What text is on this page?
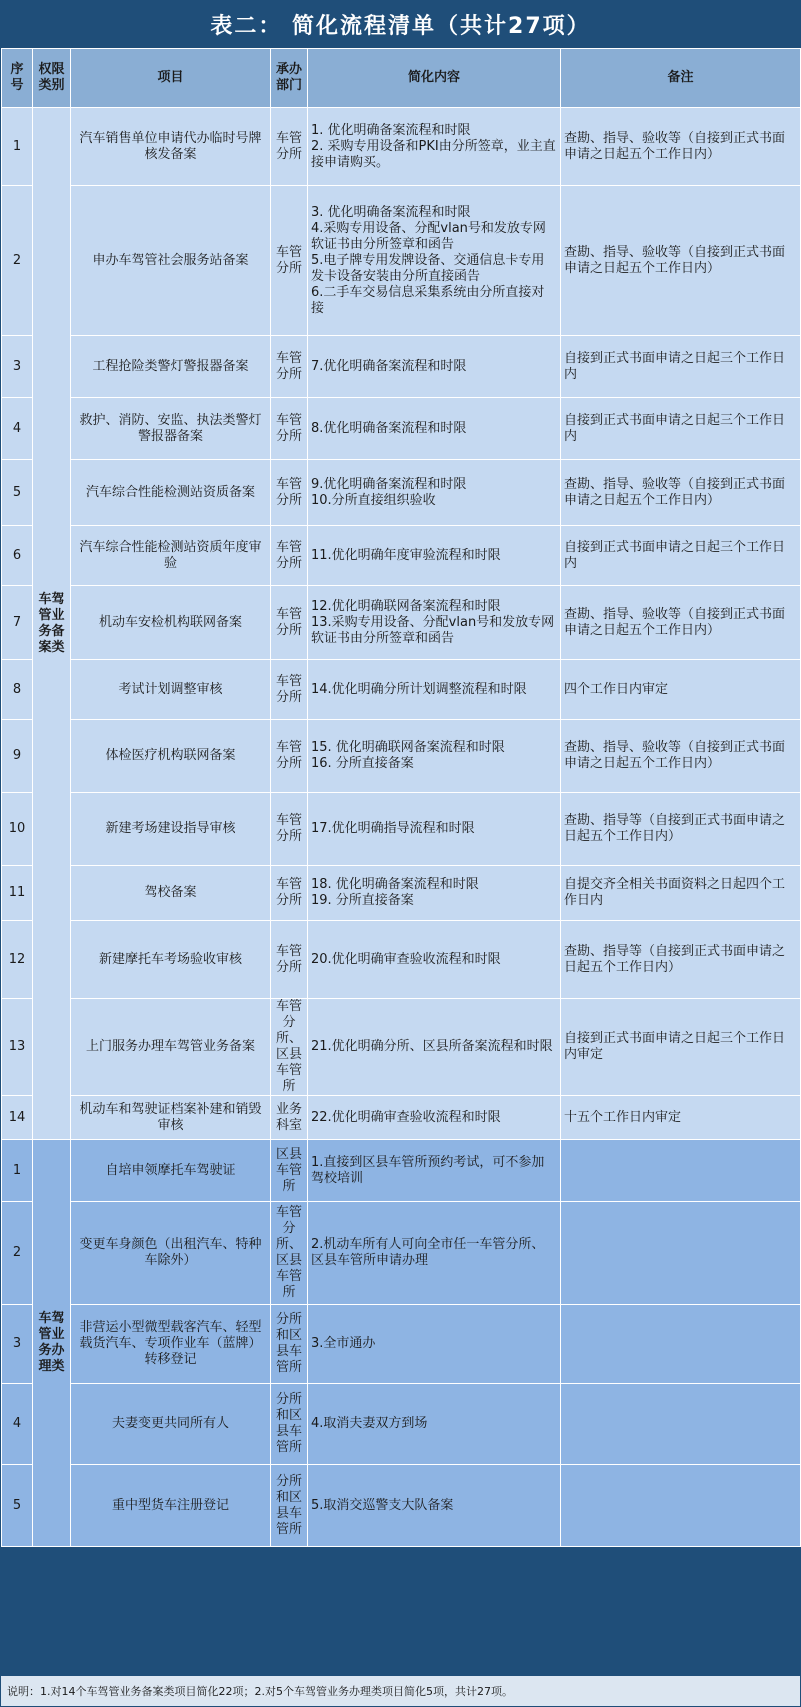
表二： 简化流程清单（共计27项）
序号	权限类别	项目	承办部门	简化内容	备注
1	车驾管业务备案类	汽车销售单位申请代办临时号牌核发备案	车管分所	1. 优化明确备案流程和时限
2. 采购专用设备和PKI由分所签章，业主直接申请购买。	查勘、指导、验收等（自接到正式书面申请之日起五个工作日内）
2		申办车驾管社会服务站备案	车管分所	3. 优化明确备案流程和时限
4.采购专用设备、分配vlan号和发放专网软证书由分所签章和函告
5.电子牌专用发牌设备、交通信息卡专用发卡设备安装由分所直接函告
6.二手车交易信息采集系统由分所直接对接	查勘、指导、验收等（自接到正式书面申请之日起五个工作日内）
3		工程抢险类警灯警报器备案	车管分所	7.优化明确备案流程和时限	自接到正式书面申请之日起三个工作日内
4		救护、消防、安监、执法类警灯警报器备案	车管分所	8.优化明确备案流程和时限	自接到正式书面申请之日起三个工作日内
5		汽车综合性能检测站资质备案	车管分所	9.优化明确备案流程和时限
10.分所直接组织验收	查勘、指导、验收等（自接到正式书面申请之日起五个工作日内）
6		汽车综合性能检测站资质年度审验	车管分所	11.优化明确年度审验流程和时限	自接到正式书面申请之日起三个工作日内
7		机动车安检机构联网备案	车管分所	12.优化明确联网备案流程和时限
13.采购专用设备、分配vlan号和发放专网软证书由分所签章和函告	查勘、指导、验收等（自接到正式书面申请之日起五个工作日内）
8		考试计划调整审核	车管分所	14.优化明确分所计划调整流程和时限	四个工作日内审定
9		体检医疗机构联网备案	车管分所	15. 优化明确联网备案流程和时限
16. 分所直接备案	查勘、指导、验收等（自接到正式书面申请之日起五个工作日内）
10		新建考场建设指导审核	车管分所	17.优化明确指导流程和时限	查勘、指导等（自接到正式书面申请之日起五个工作日内）
11		驾校备案	车管分所	18. 优化明确备案流程和时限
19. 分所直接备案	自提交齐全相关书面资料之日起四个工作日内
12		新建摩托车考场验收审核	车管分所	20.优化明确审查验收流程和时限	查勘、指导等（自接到正式书面申请之日起五个工作日内）
13		上门服务办理车驾管业务备案	车管分所、区县车管所	21.优化明确分所、区县所备案流程和时限	自接到正式书面申请之日起三个工作日内审定
14		机动车和驾驶证档案补建和销毁审核	业务科室	22.优化明确审查验收流程和时限	十五个工作日内审定
1	车驾管业务办理类	自培申领摩托车驾驶证	区县车管所	1.直接到区县车管所预约考试，可不参加驾校培训	

2		变更车身颜色（出租汽车、特种车除外）	车管分所、区县车管所	2.机动车所有人可向全市任一车管分所、区县车管所申请办理	

3		非营运小型微型载客汽车、轻型载货汽车、专项作业车（蓝牌）转移登记	分所和区县车管所	3.全市通办	

4		夫妻变更共同所有人	分所和区县车管所	4.取消夫妻双方到场	

5		重中型货车注册登记	分所和区县车管所	5.取消交巡警支大队备案	

说明：1.对14个车驾管业务备案类项目简化22项；2.对5个车驾管业务办理类项目简化5项，共计27项。
